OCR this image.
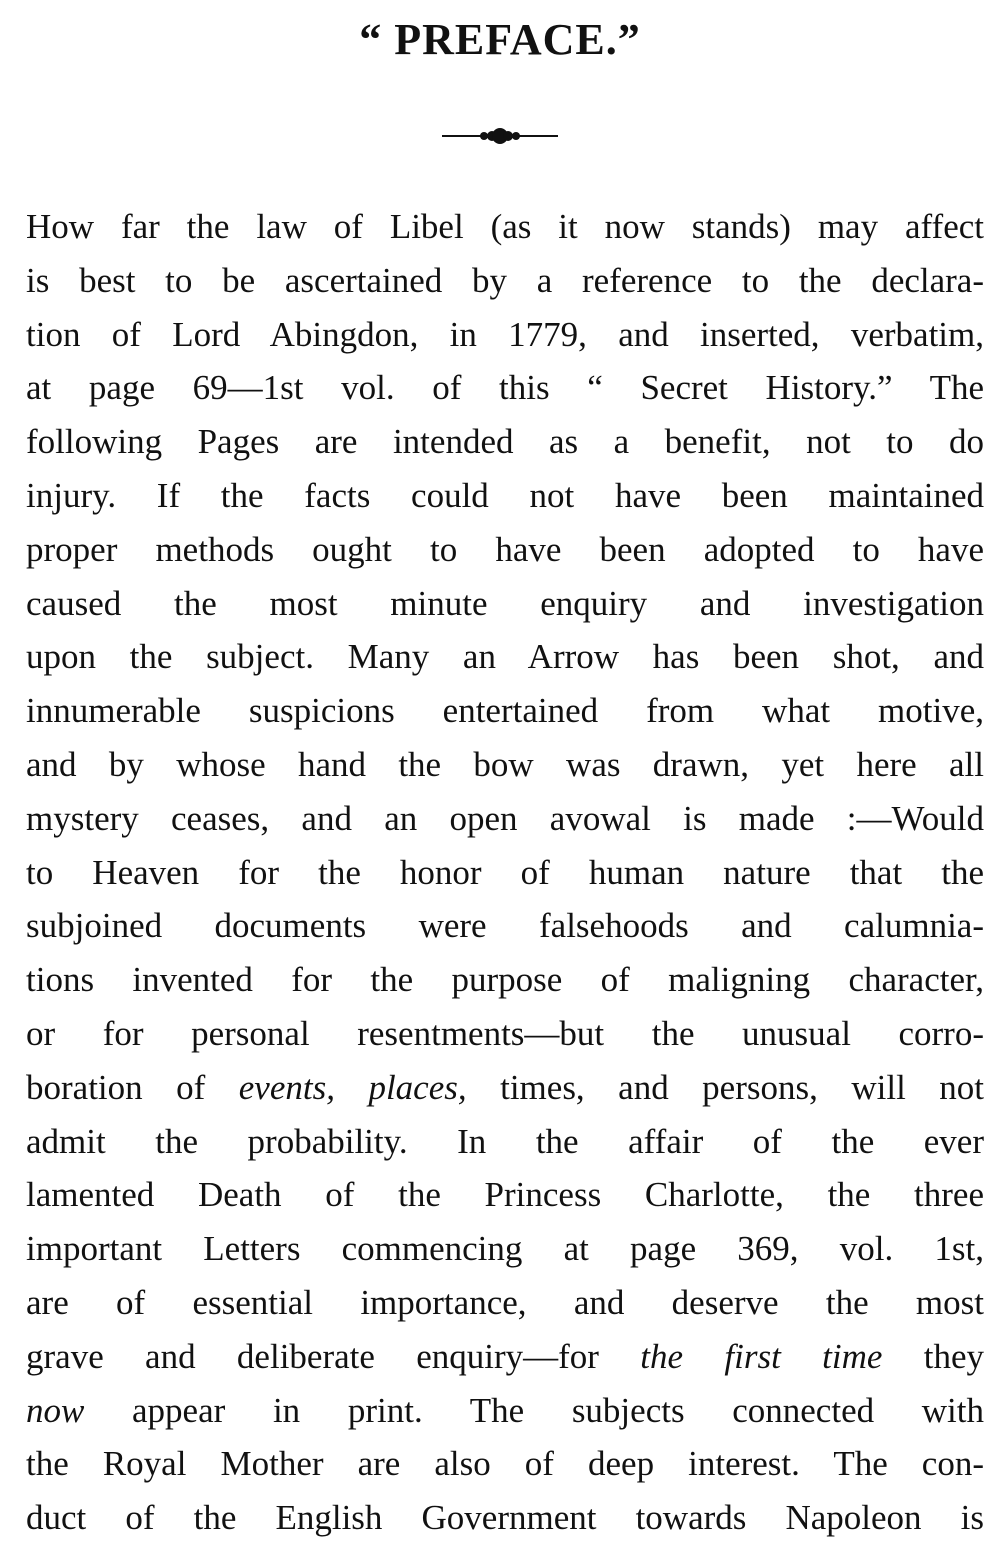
“ PREFACE.”
How far the law of Libel (as it now stands) may affect
is best to be ascertained by a reference to the declara-
tion of Lord Abingdon, in 1779, and inserted, verbatim,
at page 69—1st vol. of this “ Secret History.” The
following Pages are intended as a benefit, not to do
injury. If the facts could not have been maintained
proper methods ought to have been adopted to have
caused the most minute enquiry and investigation
upon the subject. Many an Arrow has been shot, and
innumerable suspicions entertained from what motive,
and by whose hand the bow was drawn, yet here all
mystery ceases, and an open avowal is made :—Would
to Heaven for the honor of human nature that the
subjoined documents were falsehoods and calumnia-
tions invented for the purpose of maligning character,
or for personal resentments—but the unusual corro-
boration of events, places, times, and persons, will not
admit the probability. In the affair of the ever
lamented Death of the Princess Charlotte, the three
important Letters commencing at page 369, vol. 1st,
are of essential importance, and deserve the most
grave and deliberate enquiry—for the first time they
now appear in print. The subjects connected with
the Royal Mother are also of deep interest. The con-
duct of the English Government towards Napoleon is
